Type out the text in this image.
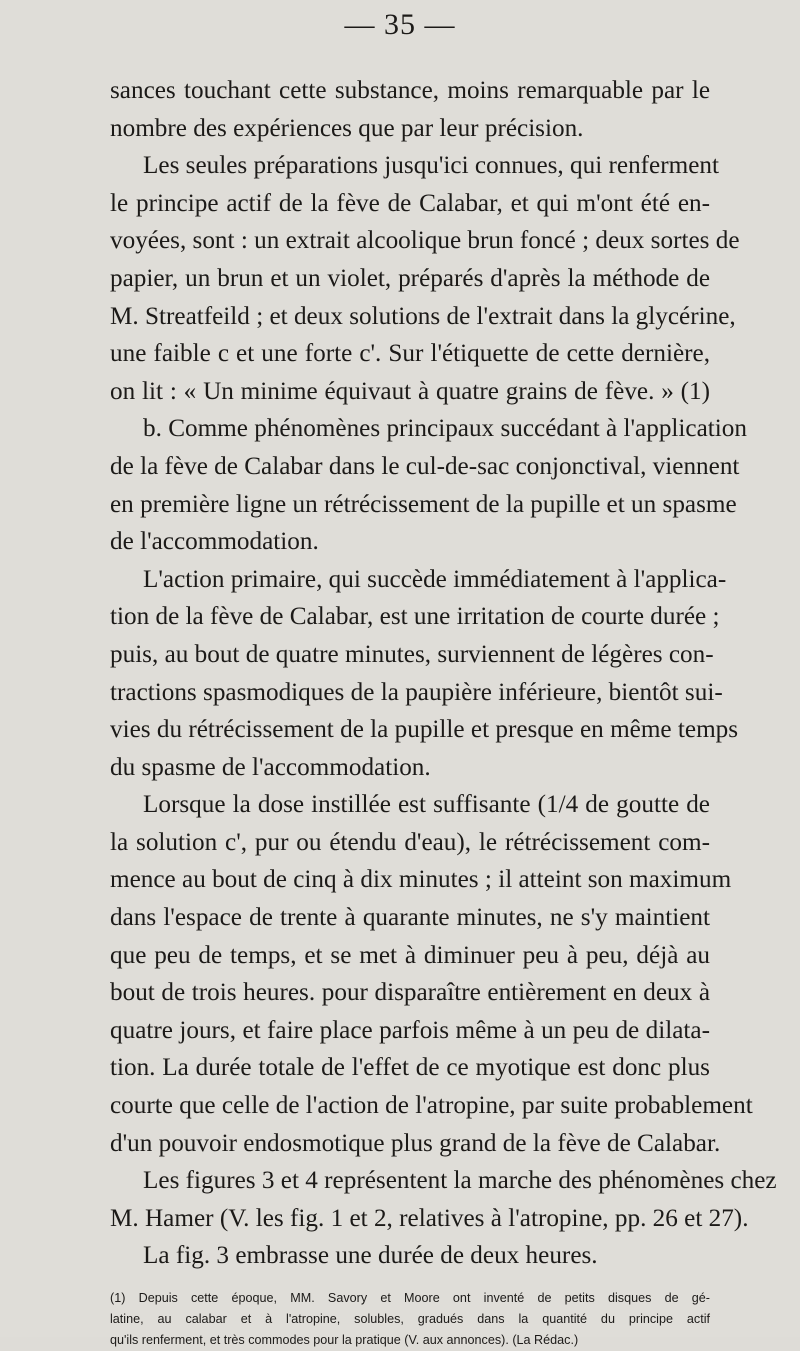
— 35 —
sances touchant cette substance, moins remarquable par le
nombre des expériences que par leur précision.
Les seules préparations jusqu'ici connues, qui renferment
le principe actif de la fève de Calabar, et qui m'ont été en-
voyées, sont : un extrait alcoolique brun foncé ; deux sortes de
papier, un brun et un violet, préparés d'après la méthode de
M. Streatfeild ; et deux solutions de l'extrait dans la glycérine,
une faible c et une forte c'. Sur l'étiquette de cette dernière,
on lit : « Un minime équivaut à quatre grains de fève. » (1)
b. Comme phénomènes principaux succédant à l'application
de la fève de Calabar dans le cul-de-sac conjonctival, viennent
en première ligne un rétrécissement de la pupille et un spasme
de l'accommodation.
L'action primaire, qui succède immédiatement à l'applica-
tion de la fève de Calabar, est une irritation de courte durée ;
puis, au bout de quatre minutes, surviennent de légères con-
tractions spasmodiques de la paupière inférieure, bientôt sui-
vies du rétrécissement de la pupille et presque en même temps
du spasme de l'accommodation.
Lorsque la dose instillée est suffisante (1/4 de goutte de
la solution c', pur ou étendu d'eau), le rétrécissement com-
mence au bout de cinq à dix minutes ; il atteint son maximum
dans l'espace de trente à quarante minutes, ne s'y maintient
que peu de temps, et se met à diminuer peu à peu, déjà au
bout de trois heures. pour disparaître entièrement en deux à
quatre jours, et faire place parfois même à un peu de dilata-
tion. La durée totale de l'effet de ce myotique est donc plus
courte que celle de l'action de l'atropine, par suite probablement
d'un pouvoir endosmotique plus grand de la fève de Calabar.
Les figures 3 et 4 représentent la marche des phénomènes chez
M. Hamer (V. les fig. 1 et 2, relatives à l'atropine, pp. 26 et 27).
La fig. 3 embrasse une durée de deux heures.
(1) Depuis cette époque, MM. Savory et Moore ont inventé de petits disques de gé-
latine, au calabar et à l'atropine, solubles, gradués dans la quantité du principe actif
qu'ils renferment, et très commodes pour la pratique (V. aux annonces). (La Rédac.)
